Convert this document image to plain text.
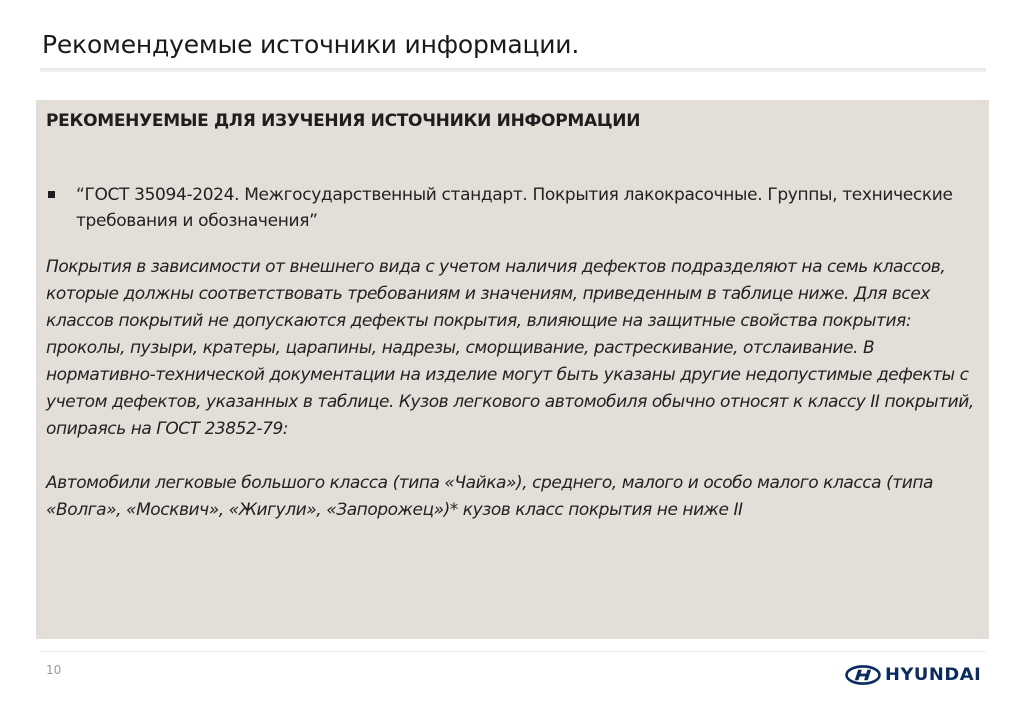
Рекомендуемые источники информации.

РЕКОМЕНУЕМЫЕ ДЛЯ ИЗУЧЕНИЯ ИСТОЧНИКИ ИНФОРМАЦИИ

“ГОСТ 35094-2024. Межгосударственный стандарт. Покрытия лакокрасочные. Группы, технические требования и обозначения”

Покрытия в зависимости от внешнего вида с учетом наличия дефектов подразделяют на семь классов, которые должны соответствовать требованиям и значениям, приведенным в таблице ниже. Для всех классов покрытий не допускаются дефекты покрытия, влияющие на защитные свойства покрытия: проколы, пузыри, кратеры, царапины, надрезы, сморщивание, растрескивание, отслаивание. В нормативно-технической документации на изделие могут быть указаны другие недопустимые дефекты с учетом дефектов, указанных в таблице. Кузов легкового автомобиля обычно относят к классу II покрытий, опираясь на ГОСТ 23852-79:

Автомобили легковые большого класса (типа «Чайка»), среднего, малого и особо малого класса (типа «Волга», «Москвич», «Жигули», «Запорожец»)* кузов класс покрытия не ниже II

10	HYUNDAI
